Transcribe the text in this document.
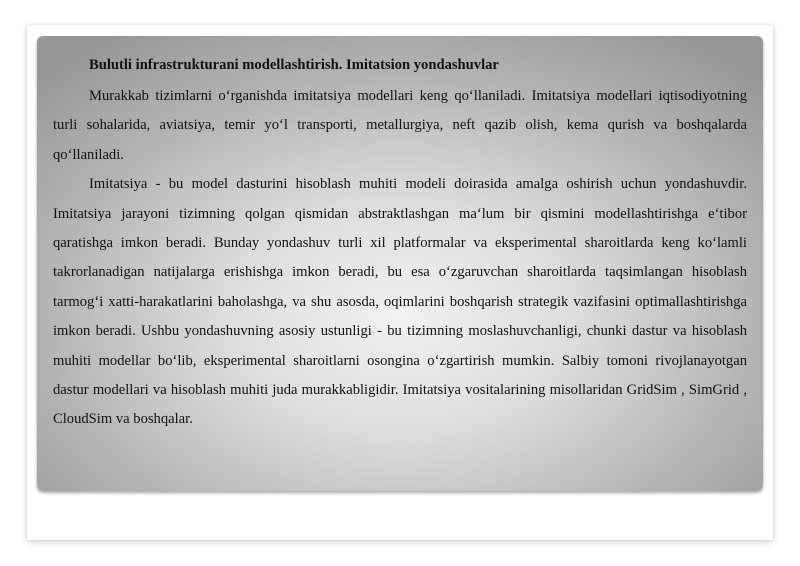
Bulutli infrastrukturani modellashtirish. Imitatsion yondashuvlar

Murakkab tizimlarni o‘rganishda imitatsiya modellari keng qo‘llaniladi. Imitatsiya modellari iqtisodiyotning turli sohalarida, aviatsiya, temir yo‘l transporti, metallurgiya, neft qazib olish, kema qurish va boshqalarda qo‘llaniladi.

Imitatsiya - bu model dasturini hisoblash muhiti modeli doirasida amalga oshirish uchun yondashuvdir. Imitatsiya jarayoni tizimning qolgan qismidan abstraktlashgan ma‘lum bir qismini modellashtirishga e‘tibor qaratishga imkon beradi. Bunday yondashuv turli xil platformalar va eksperimental sharoitlarda keng ko‘lamli takrorlanadigan natijalarga erishishga imkon beradi, bu esa o‘zgaruvchan sharoitlarda taqsimlangan hisoblash tarmog‘i xatti-harakatlarini baholashga, va shu asosda, oqimlarini boshqarish strategik vazifasini optimallashtirishga imkon beradi. Ushbu yondashuvning asosiy ustunligi - bu tizimning moslashuvchanligi, chunki dastur va hisoblash muhiti modellar bo‘lib, eksperimental sharoitlarni osongina o‘zgartirish mumkin. Salbiy tomoni rivojlanayotgan dastur modellari va hisoblash muhiti juda murakkabligidir. Imitatsiya vositalarining misollaridan GridSim , SimGrid , CloudSim va boshqalar.
